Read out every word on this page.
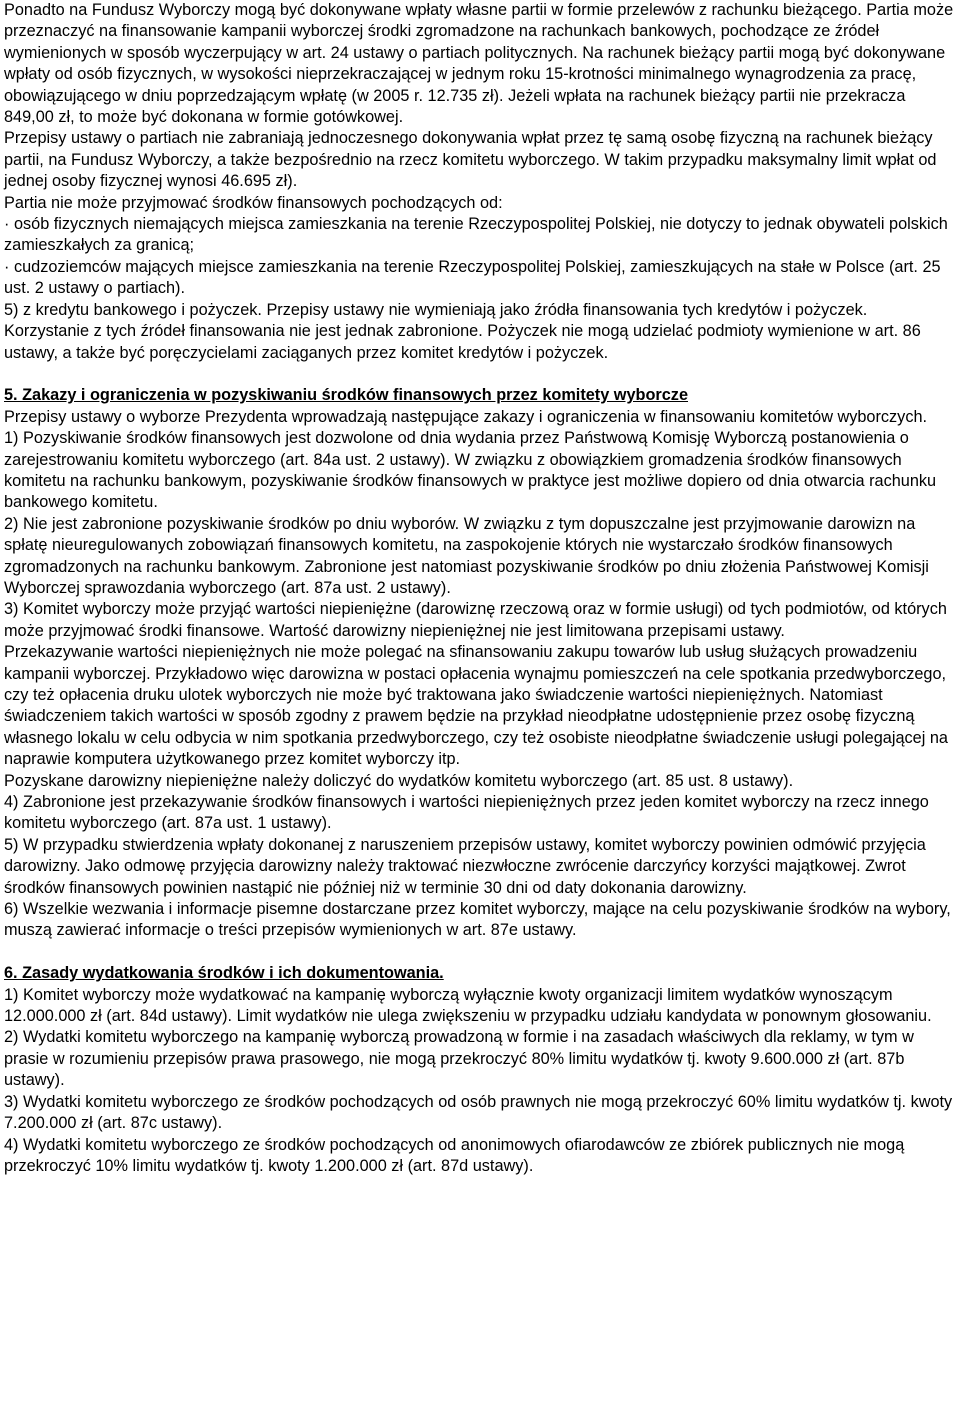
Ponadto na Fundusz Wyborczy mogą być dokonywane wpłaty własne partii w formie przelewów z rachunku bieżącego. Partia może przeznaczyć na finansowanie kampanii wyborczej środki zgromadzone na rachunkach bankowych, pochodzące ze źródeł wymienionych w sposób wyczerpujący w art. 24 ustawy o partiach politycznych. Na rachunek bieżący partii mogą być dokonywane wpłaty od osób fizycznych, w wysokości nieprzekraczającej w jednym roku 15-krotności minimalnego wynagrodzenia za pracę, obowiązującego w dniu poprzedzającym wpłatę (w 2005 r. 12.735 zł). Jeżeli wpłata na rachunek bieżący partii nie przekracza 849,00 zł, to może być dokonana w formie gotówkowej.

Przepisy ustawy o partiach nie zabraniają jednoczesnego dokonywania wpłat przez tę samą osobę fizyczną na rachunek bieżący partii, na Fundusz Wyborczy, a także bezpośrednio na rzecz komitetu wyborczego. W takim przypadku maksymalny limit wpłat od jednej osoby fizycznej wynosi 46.695 zł).

Partia nie może przyjmować środków finansowych pochodzących od:

· osób fizycznych niemających miejsca zamieszkania na terenie Rzeczypospolitej Polskiej, nie dotyczy to jednak obywateli polskich zamieszkałych za granicą;

· cudzoziemców mających miejsce zamieszkania na terenie Rzeczypospolitej Polskiej, zamieszkujących na stałe w Polsce (art. 25 ust. 2 ustawy o partiach).

5) z kredytu bankowego i pożyczek. Przepisy ustawy nie wymieniają jako źródła finansowania tych kredytów i pożyczek. Korzystanie z tych źródeł finansowania nie jest jednak zabronione. Pożyczek nie mogą udzielać podmioty wymienione w art. 86 ustawy, a także być poręczycielami zaciąganych przez komitet kredytów i pożyczek.

5. Zakazy i ograniczenia w pozyskiwaniu środków finansowych przez komitety wyborcze

Przepisy ustawy o wyborze Prezydenta wprowadzają następujące zakazy i ograniczenia w finansowaniu komitetów wyborczych.

1) Pozyskiwanie środków finansowych jest dozwolone od dnia wydania przez Państwową Komisję Wyborczą postanowienia o zarejestrowaniu komitetu wyborczego (art. 84a ust. 2 ustawy). W związku z obowiązkiem gromadzenia środków finansowych komitetu na rachunku bankowym, pozyskiwanie środków finansowych w praktyce jest możliwe dopiero od dnia otwarcia rachunku bankowego komitetu.

2) Nie jest zabronione pozyskiwanie środków po dniu wyborów. W związku z tym dopuszczalne jest przyjmowanie darowizn na spłatę nieuregulowanych zobowiązań finansowych komitetu, na zaspokojenie których nie wystarczało środków finansowych zgromadzonych na rachunku bankowym. Zabronione jest natomiast pozyskiwanie środków po dniu złożenia Państwowej Komisji Wyborczej sprawozdania wyborczego (art. 87a ust. 2 ustawy).

3) Komitet wyborczy może przyjąć wartości niepieniężne (darowiznę rzeczową oraz w formie usługi) od tych podmiotów, od których może przyjmować środki finansowe. Wartość darowizny niepieniężnej nie jest limitowana przepisami ustawy.

Przekazywanie wartości niepieniężnych nie może polegać na sfinansowaniu zakupu towarów lub usług służących prowadzeniu kampanii wyborczej. Przykładowo więc darowizna w postaci opłacenia wynajmu pomieszczeń na cele spotkania przedwyborczego, czy też opłacenia druku ulotek wyborczych nie może być traktowana jako świadczenie wartości niepieniężnych. Natomiast świadczeniem takich wartości w sposób zgodny z prawem będzie na przykład nieodpłatne udostępnienie przez osobę fizyczną własnego lokalu w celu odbycia w nim spotkania przedwyborczego, czy też osobiste nieodpłatne świadczenie usługi polegającej na naprawie komputera użytkowanego przez komitet wyborczy itp.

Pozyskane darowizny niepieniężne należy doliczyć do wydatków komitetu wyborczego (art. 85 ust. 8 ustawy).

4) Zabronione jest przekazywanie środków finansowych i wartości niepieniężnych przez jeden komitet wyborczy na rzecz innego komitetu wyborczego (art. 87a ust. 1 ustawy).

5) W przypadku stwierdzenia wpłaty dokonanej z naruszeniem przepisów ustawy, komitet wyborczy powinien odmówić przyjęcia darowizny. Jako odmowę przyjęcia darowizny należy traktować niezwłoczne zwrócenie darczyńcy korzyści majątkowej. Zwrot środków finansowych powinien nastąpić nie później niż w terminie 30 dni od daty dokonania darowizny.

6) Wszelkie wezwania i informacje pisemne dostarczane przez komitet wyborczy, mające na celu pozyskiwanie środków na wybory, muszą zawierać informacje o treści przepisów wymienionych w art. 87e ustawy.

6. Zasady wydatkowania środków i ich dokumentowania.

1) Komitet wyborczy może wydatkować na kampanię wyborczą wyłącznie kwoty organizacji limitem wydatków wynoszącym 12.000.000 zł (art. 84d ustawy). Limit wydatków nie ulega zwiększeniu w przypadku udziału kandydata w ponownym głosowaniu.

2) Wydatki komitetu wyborczego na kampanię wyborczą prowadzoną w formie i na zasadach właściwych dla reklamy, w tym w prasie w rozumieniu przepisów prawa prasowego, nie mogą przekroczyć 80% limitu wydatków tj. kwoty 9.600.000 zł (art. 87b ustawy).

3) Wydatki komitetu wyborczego ze środków pochodzących od osób prawnych nie mogą przekroczyć 60% limitu wydatków tj. kwoty 7.200.000 zł (art. 87c ustawy).

4) Wydatki komitetu wyborczego ze środków pochodzących od anonimowych ofiarodawców ze zbiórek publicznych nie mogą przekroczyć 10% limitu wydatków tj. kwoty 1.200.000 zł (art. 87d ustawy).
